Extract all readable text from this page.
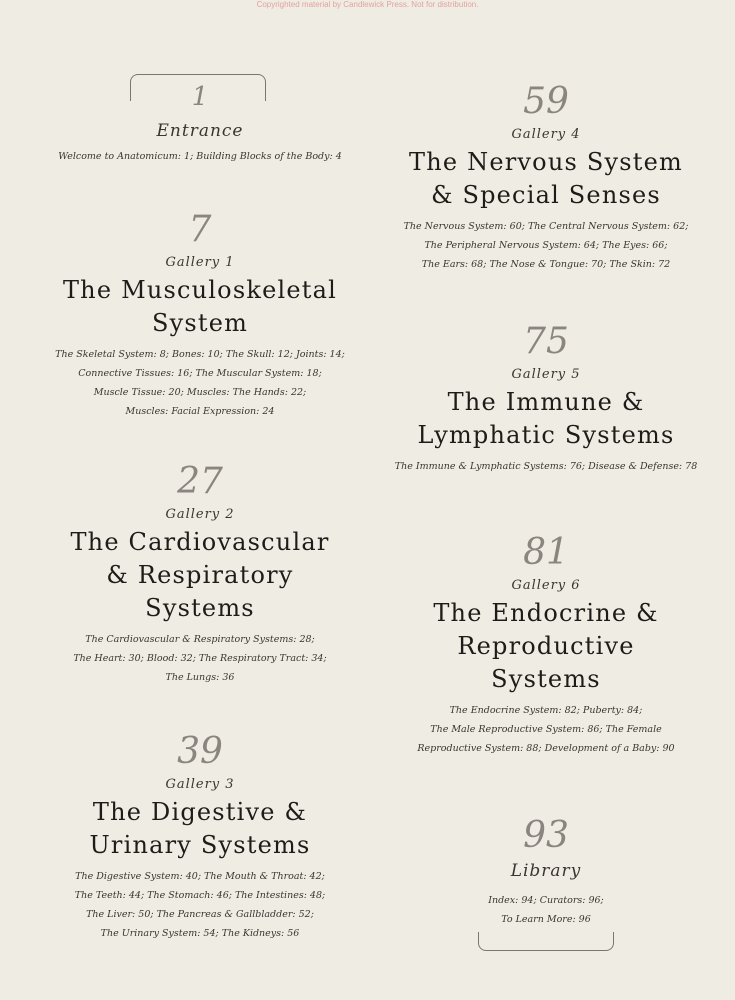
Copyrighted material by Candlewick Press. Not for distribution.
1
Entrance
Welcome to Anatomicum: 1; Building Blocks of the Body: 4
7
Gallery 1
The Musculoskeletal
System
The Skeletal System: 8; Bones: 10; The Skull: 12; Joints: 14;
Connective Tissues: 16; The Muscular System: 18;
Muscle Tissue: 20; Muscles: The Hands: 22;
Muscles: Facial Expression: 24
27
Gallery 2
The Cardiovascular
& Respiratory
Systems
The Cardiovascular & Respiratory Systems: 28;
The Heart: 30; Blood: 32; The Respiratory Tract: 34;
The Lungs: 36
39
Gallery 3
The Digestive &
Urinary Systems
The Digestive System: 40; The Mouth & Throat: 42;
The Teeth: 44; The Stomach: 46; The Intestines: 48;
The Liver: 50; The Pancreas & Gallbladder: 52;
The Urinary System: 54; The Kidneys: 56
59
Gallery 4
The Nervous System
& Special Senses
The Nervous System: 60; The Central Nervous System: 62;
The Peripheral Nervous System: 64; The Eyes: 66;
The Ears: 68; The Nose & Tongue: 70; The Skin: 72
75
Gallery 5
The Immune &
Lymphatic Systems
The Immune & Lymphatic Systems: 76; Disease & Defense: 78
81
Gallery 6
The Endocrine &
Reproductive
Systems
The Endocrine System: 82; Puberty: 84;
The Male Reproductive System: 86; The Female
Reproductive System: 88; Development of a Baby: 90
93
Library
Index: 94; Curators: 96;
To Learn More: 96
